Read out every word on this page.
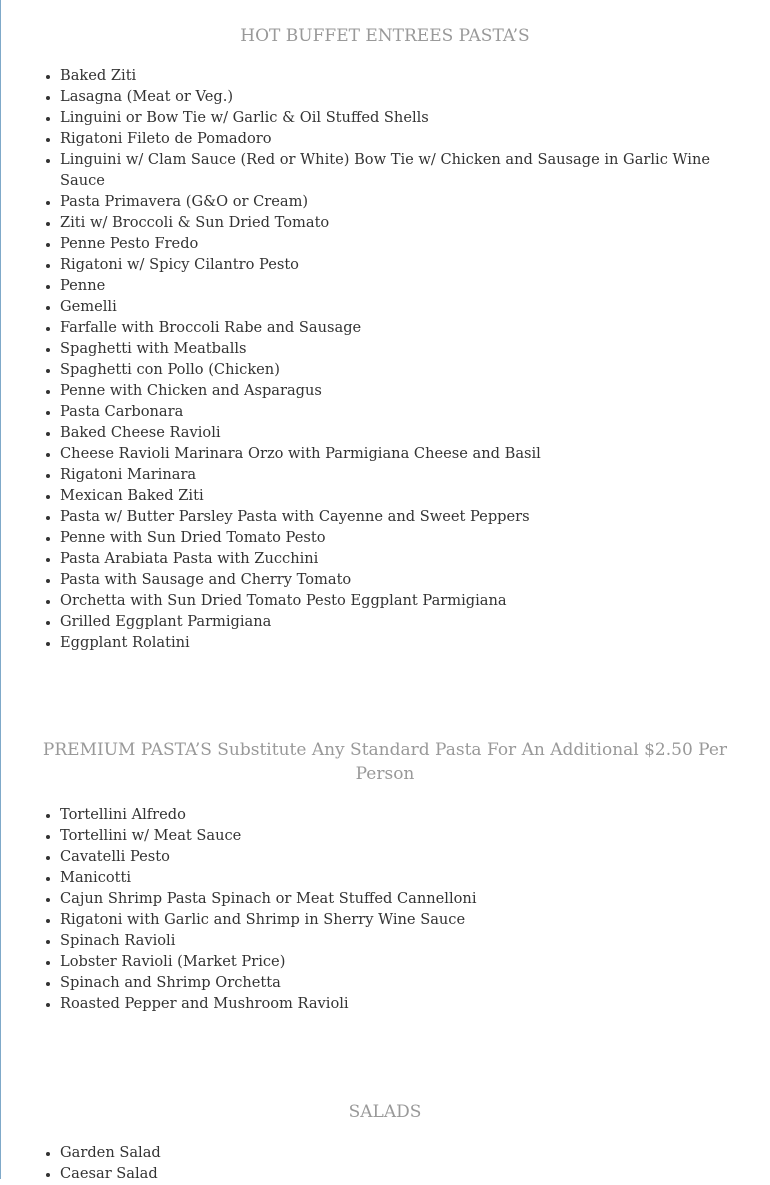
HOT BUFFET ENTREES PASTA’S
• Baked Ziti
• Lasagna (Meat or Veg.)
• Linguini or Bow Tie w/ Garlic & Oil Stuffed Shells
• Rigatoni Fileto de Pomadoro
• Linguini w/ Clam Sauce (Red or White) Bow Tie w/ Chicken and Sausage in Garlic Wine Sauce
• Pasta Primavera (G&O or Cream)
• Ziti w/ Broccoli & Sun Dried Tomato
• Penne Pesto Fredo
• Rigatoni w/ Spicy Cilantro Pesto
• Penne
• Gemelli
• Farfalle with Broccoli Rabe and Sausage
• Spaghetti with Meatballs
• Spaghetti con Pollo (Chicken)
• Penne with Chicken and Asparagus
• Pasta Carbonara
• Baked Cheese Ravioli
• Cheese Ravioli Marinara Orzo with Parmigiana Cheese and Basil
• Rigatoni Marinara
• Mexican Baked Ziti
• Pasta w/ Butter Parsley Pasta with Cayenne and Sweet Peppers
• Penne with Sun Dried Tomato Pesto
• Pasta Arabiata Pasta with Zucchini
• Pasta with Sausage and Cherry Tomato
• Orchetta with Sun Dried Tomato Pesto Eggplant Parmigiana
• Grilled Eggplant Parmigiana
• Eggplant Rolatini
PREMIUM PASTA’S Substitute Any Standard Pasta For An Additional $2.50 Per Person
• Tortellini Alfredo
• Tortellini w/ Meat Sauce
• Cavatelli Pesto
• Manicotti
• Cajun Shrimp Pasta Spinach or Meat Stuffed Cannelloni
• Rigatoni with Garlic and Shrimp in Sherry Wine Sauce
• Spinach Ravioli
• Lobster Ravioli (Market Price)
• Spinach and Shrimp Orchetta
• Roasted Pepper and Mushroom Ravioli
SALADS
• Garden Salad
• Caesar Salad
